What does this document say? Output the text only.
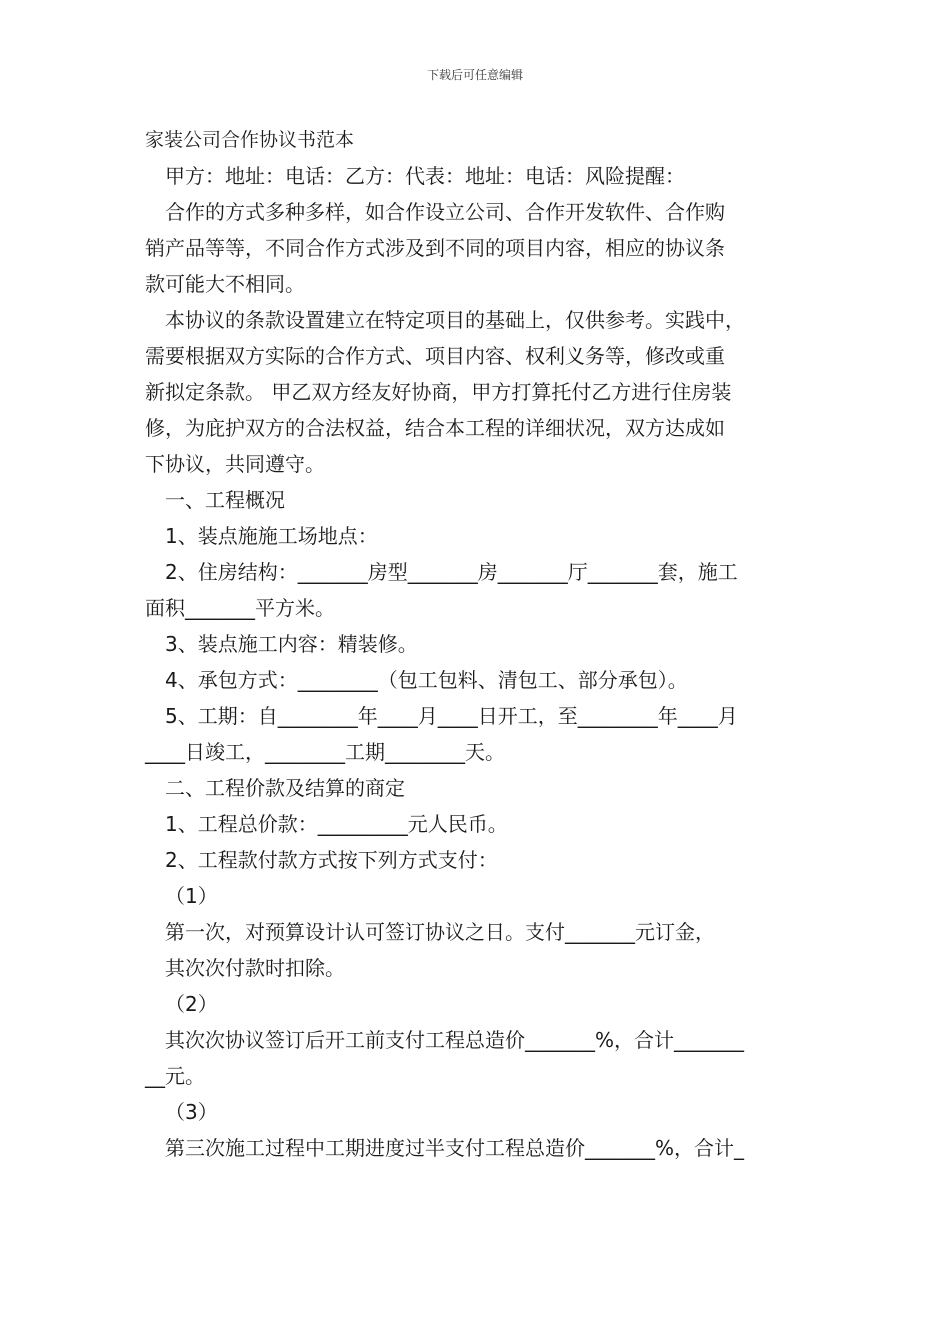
下载后可任意编辑
家装公司合作协议书范本
甲方：地址：电话：乙方：代表：地址：电话：风险提醒：
合作的方式多种多样，如合作设立公司、合作开发软件、合作购
销产品等等，不同合作方式涉及到不同的项目内容，相应的协议条
款可能大不相同。
本协议的条款设置建立在特定项目的基础上，仅供参考。实践中，
需要根据双方实际的合作方式、项目内容、权利义务等，修改或重
新拟定条款。 甲乙双方经友好协商，甲方打算托付乙方进行住房装
修，为庇护双方的合法权益，结合本工程的详细状况，双方达成如
下协议，共同遵守。
一、工程概况
1、装点施施工场地点：
2、住房结构：_______房型_______房_______厅_______套，施工
面积_______平方米。
3、装点施工内容：精装修。
4、承包方式：________（包工包料、清包工、部分承包）。
5、工期：自________年____月____日开工，至________年____月
____日竣工，________工期________天。
二、工程价款及结算的商定
1、工程总价款：_________元人民币。
2、工程款付款方式按下列方式支付：
（1）
第一次，对预算设计认可签订协议之日。支付_______元订金，
其次次付款时扣除。
（2）
其次次协议签订后开工前支付工程总造价_______%，合计_______
__元。
（3）
第三次施工过程中工期进度过半支付工程总造价_______%，合计_
